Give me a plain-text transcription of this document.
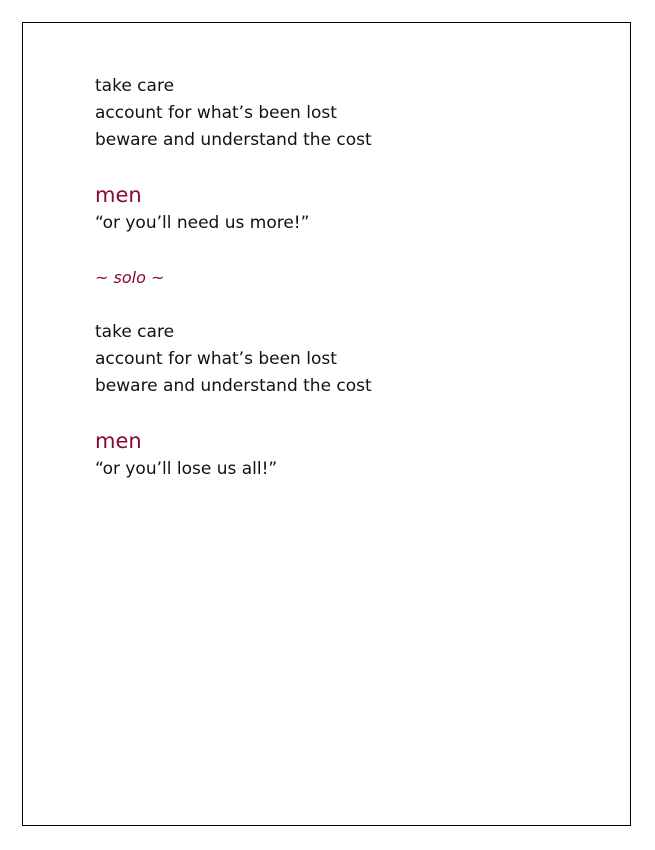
take care
account for what’s been lost
beware and understand the cost
men
“or you’ll need us more!”
~ solo ~
take care
account for what’s been lost
beware and understand the cost
men
“or you’ll lose us all!”
